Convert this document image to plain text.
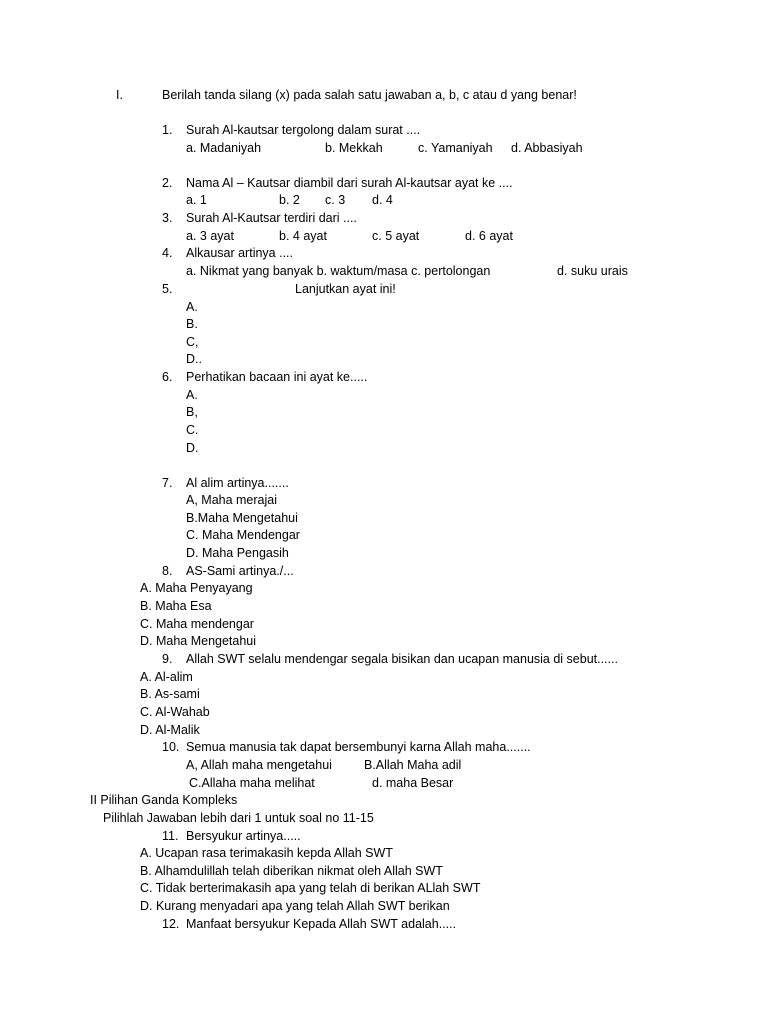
I.	Berilah tanda silang (x) pada salah satu jawaban a, b, c atau d yang benar!
1. Surah Al-kautsar tergolong dalam surat ....
a. Madaniyah	b. Mekkah	c. Yamaniyah d. Abbasiyah
2. Nama Al – Kautsar diambil dari surah Al-kautsar ayat ke ....
a. 1	b. 2 c. 3 d. 4
3. Surah Al-Kautsar terdiri dari ....
a. 3 ayat	b. 4 ayat	c. 5 ayat	d. 6 ayat
4. Alkausar artinya ....
a. Nikmat yang banyak b. waktum/masa c. pertolongan	d. suku urais
5.	Lanjutkan ayat ini!
A.
B.
C,
D..
6. Perhatikan bacaan ini ayat ke.....
A.
B,
C.
D.
7. Al alim artinya.......
A, Maha merajai
B.Maha Mengetahui
C. Maha Mendengar
D. Maha Pengasih
8. AS-Sami artinya./...
A. Maha Penyayang
B. Maha Esa
C. Maha mendengar
D. Maha Mengetahui
9. Allah SWT selalu mendengar segala bisikan dan ucapan manusia di sebut......
A. Al-alim
B. As-sami
C. Al-Wahab
D. Al-Malik
10. Semua manusia tak dapat bersembunyi karna Allah maha.......
A, Allah maha mengetahui	B.Allah Maha adil
C.Allaha maha melihat	d. maha Besar
II Pilihan Ganda Kompleks
Pilihlah Jawaban lebih dari 1 untuk soal no 11-15
11. Bersyukur artinya.....
A. Ucapan rasa terimakasih kepda Allah SWT
B. Alhamdulillah telah diberikan nikmat oleh Allah SWT
C. Tidak berterimakasih apa yang telah di berikan ALlah SWT
D. Kurang menyadari apa yang telah Allah SWT berikan
12. Manfaat bersyukur Kepada Allah SWT adalah.....
